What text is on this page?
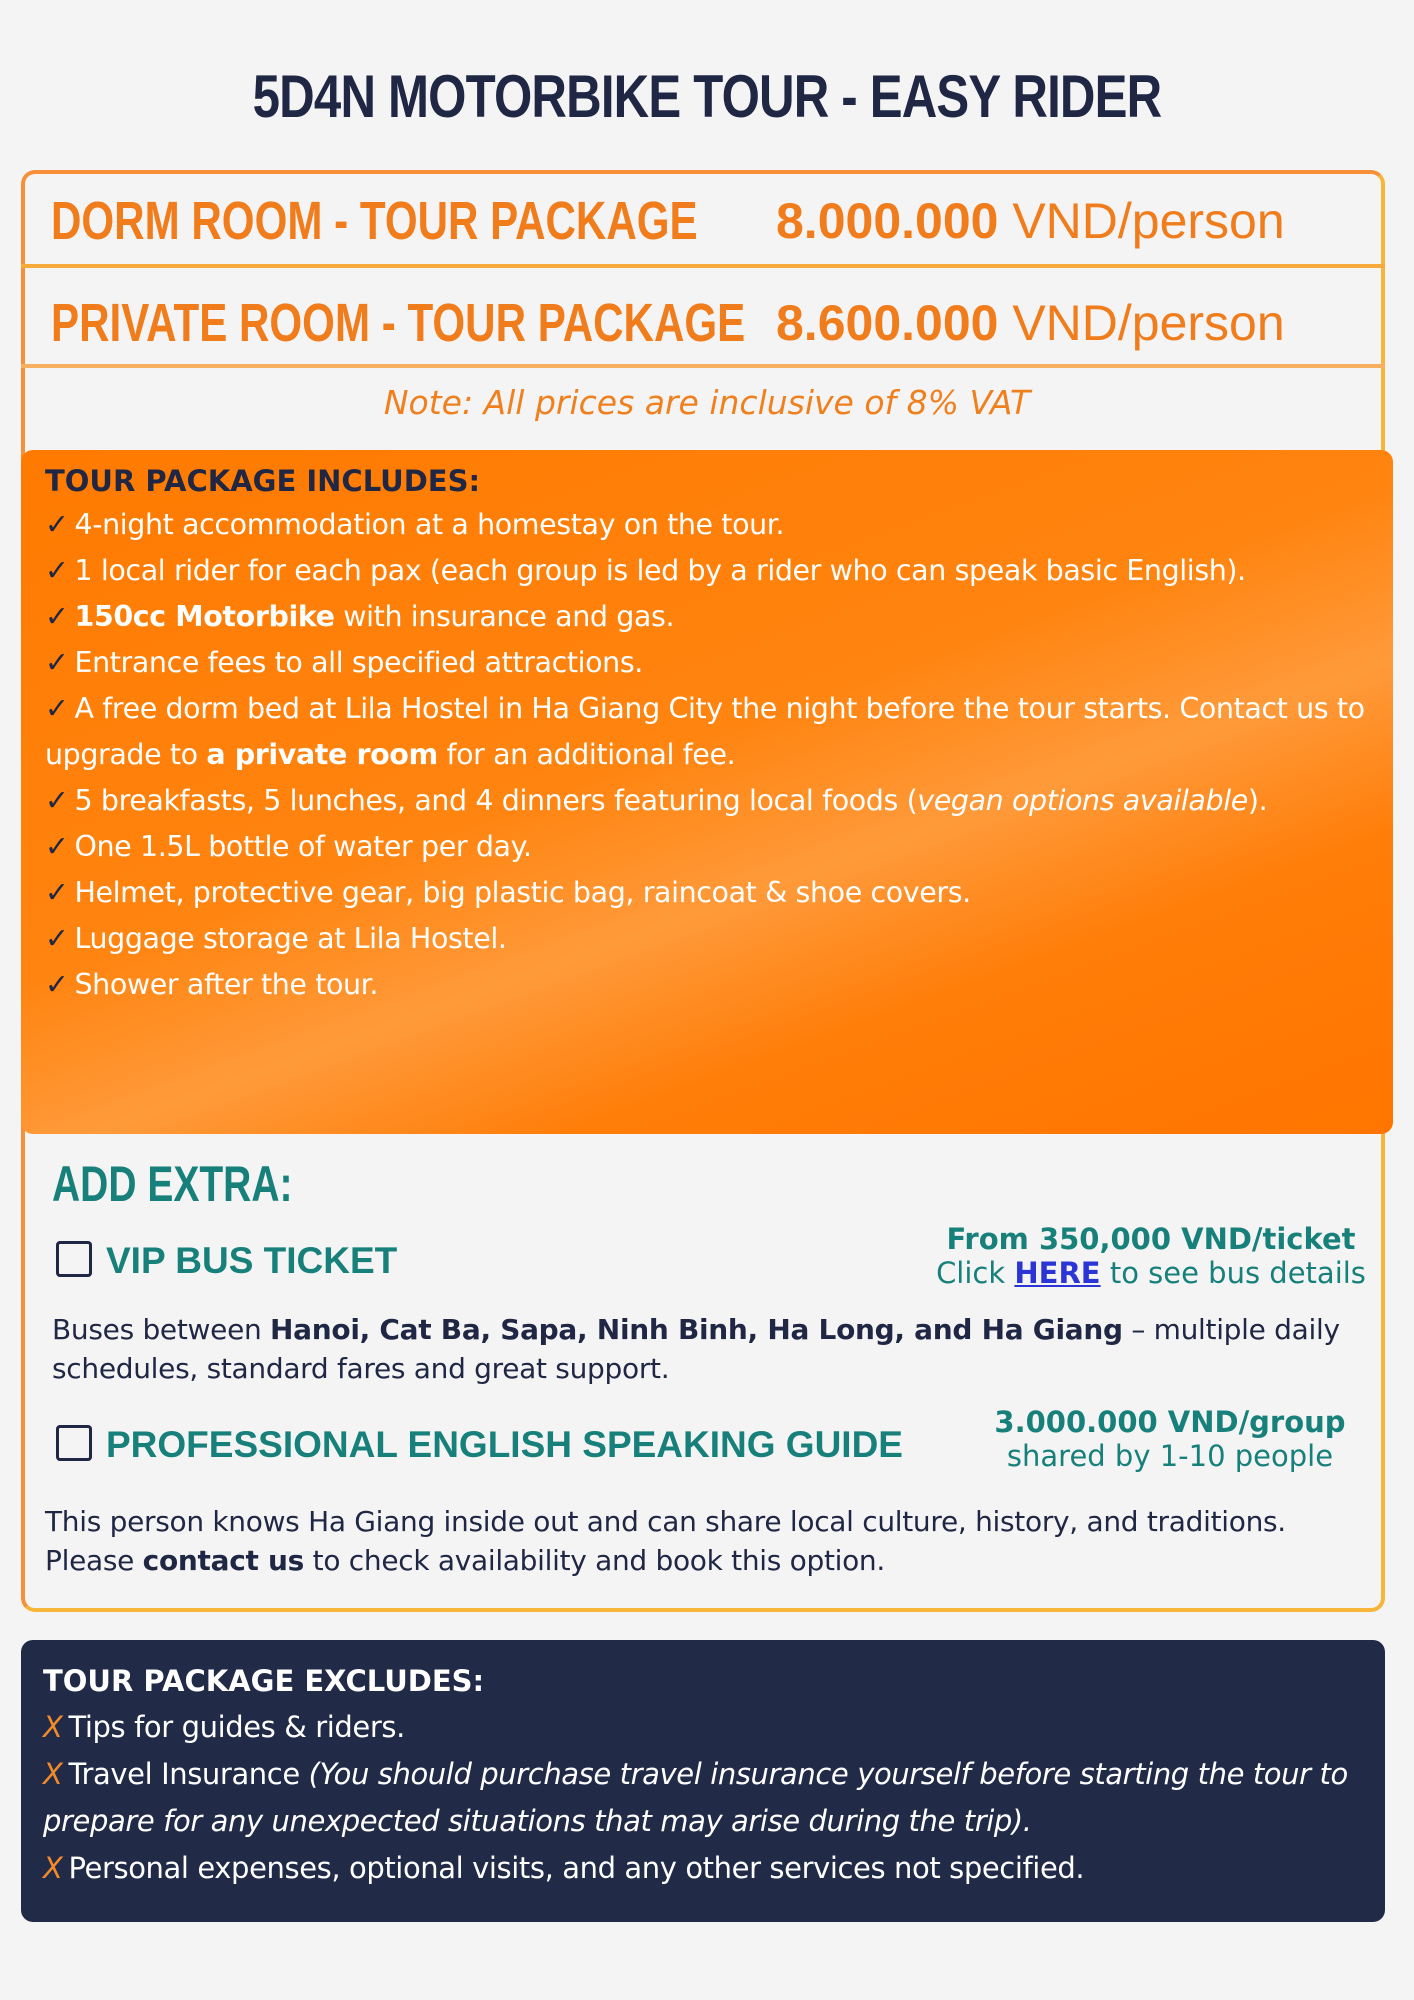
5D4N MOTORBIKE TOUR - EASY RIDER
DORM ROOM - TOUR PACKAGE 8.000.000 VND/person
PRIVATE ROOM - TOUR PACKAGE 8.600.000 VND/person
Note: All prices are inclusive of 8% VAT
TOUR PACKAGE INCLUDES:
✓ 4-night accommodation at a homestay on the tour.
✓ 1 local rider for each pax (each group is led by a rider who can speak basic English).
✓ 150cc Motorbike with insurance and gas.
✓ Entrance fees to all specified attractions.
✓ A free dorm bed at Lila Hostel in Ha Giang City the night before the tour starts. Contact us to upgrade to a private room for an additional fee.
✓ 5 breakfasts, 5 lunches, and 4 dinners featuring local foods (vegan options available).
✓ One 1.5L bottle of water per day.
✓ Helmet, protective gear, big plastic bag, raincoat & shoe covers.
✓ Luggage storage at Lila Hostel.
✓ Shower after the tour.
ADD EXTRA:
VIP BUS TICKET
From 350,000 VND/ticket
Click HERE to see bus details
Buses between Hanoi, Cat Ba, Sapa, Ninh Binh, Ha Long, and Ha Giang – multiple daily schedules, standard fares and great support.
PROFESSIONAL ENGLISH SPEAKING GUIDE
3.000.000 VND/group
shared by 1-10 people
This person knows Ha Giang inside out and can share local culture, history, and traditions. Please contact us to check availability and book this option.
TOUR PACKAGE EXCLUDES:
X Tips for guides & riders.
X Travel Insurance (You should purchase travel insurance yourself before starting the tour to prepare for any unexpected situations that may arise during the trip).
X Personal expenses, optional visits, and any other services not specified.
